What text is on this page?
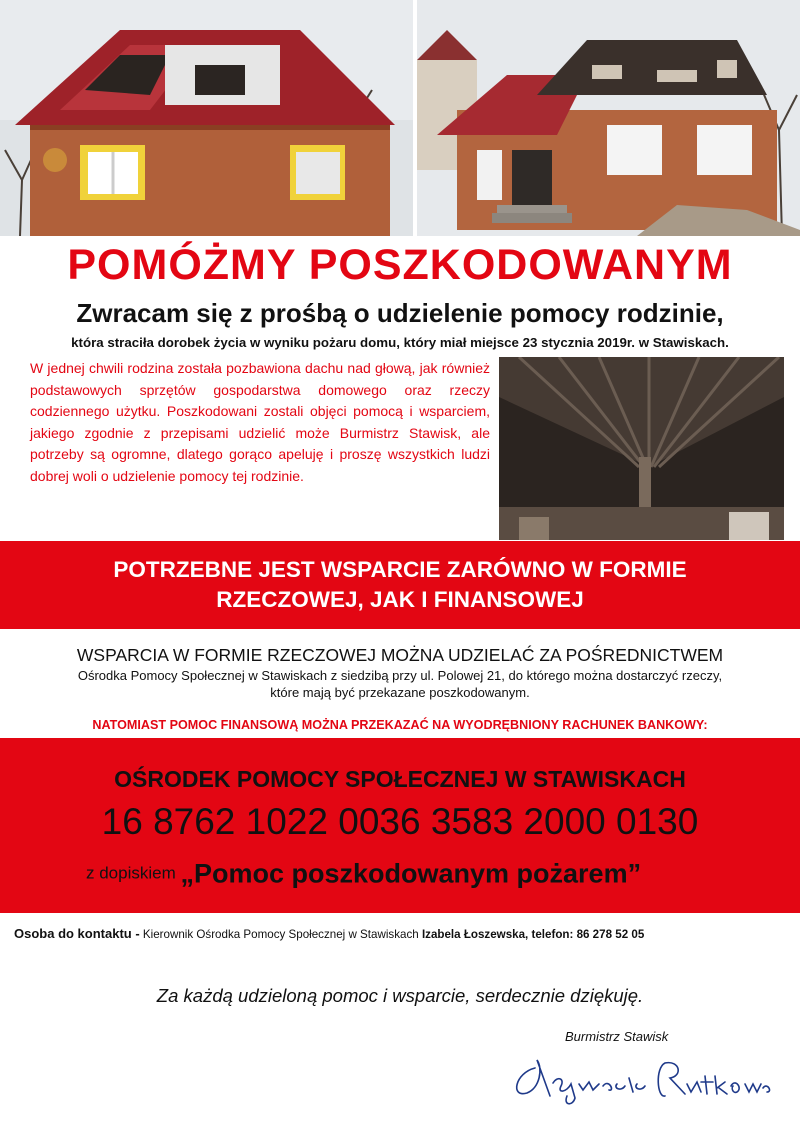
POMÓŻMY POSZKODOWANYM
Zwracam się z prośbą o udzielenie pomocy rodzinie,
która straciła dorobek życia w wyniku pożaru domu, który miał miejsce 23 stycznia 2019r. w Stawiskach.
W jednej chwili rodzina została pozbawiona dachu nad głową, jak również podstawowych sprzętów gospodarstwa domowego oraz rzeczy codziennego użytku. Poszkodowani zostali objęci pomocą i wsparciem, jakiego zgodnie z przepisami udzielić może Burmistrz Stawisk, ale potrzeby są ogromne, dlatego gorąco apeluję i proszę wszystkich ludzi dobrej woli o udzielenie pomocy tej rodzinie.
POTRZEBNE JEST WSPARCIE ZARÓWNO W FORMIE
RZECZOWEJ, JAK I FINANSOWEJ
WSPARCIA W FORMIE RZECZOWEJ MOŻNA UDZIELAĆ ZA POŚREDNICTWEM
Ośrodka Pomocy Społecznej w Stawiskach z siedzibą przy ul. Polowej 21, do którego można dostarczyć rzeczy,
które mają być przekazane poszkodowanym.
NATOMIAST POMOC FINANSOWĄ MOŻNA PRZEKAZAĆ NA WYODRĘBNIONY RACHUNEK BANKOWY:
OŚRODEK POMOCY SPOŁECZNEJ W STAWISKACH
16 8762 1022 0036 3583 2000 0130
z dopiskiem „Pomoc poszkodowanym pożarem”
Osoba do kontaktu - Kierownik Ośrodka Pomocy Społecznej w Stawiskach Izabela Łoszewska, telefon: 86 278 52 05
Za każdą udzieloną pomoc i wsparcie, serdecznie dziękuję.
Burmistrz Stawisk
